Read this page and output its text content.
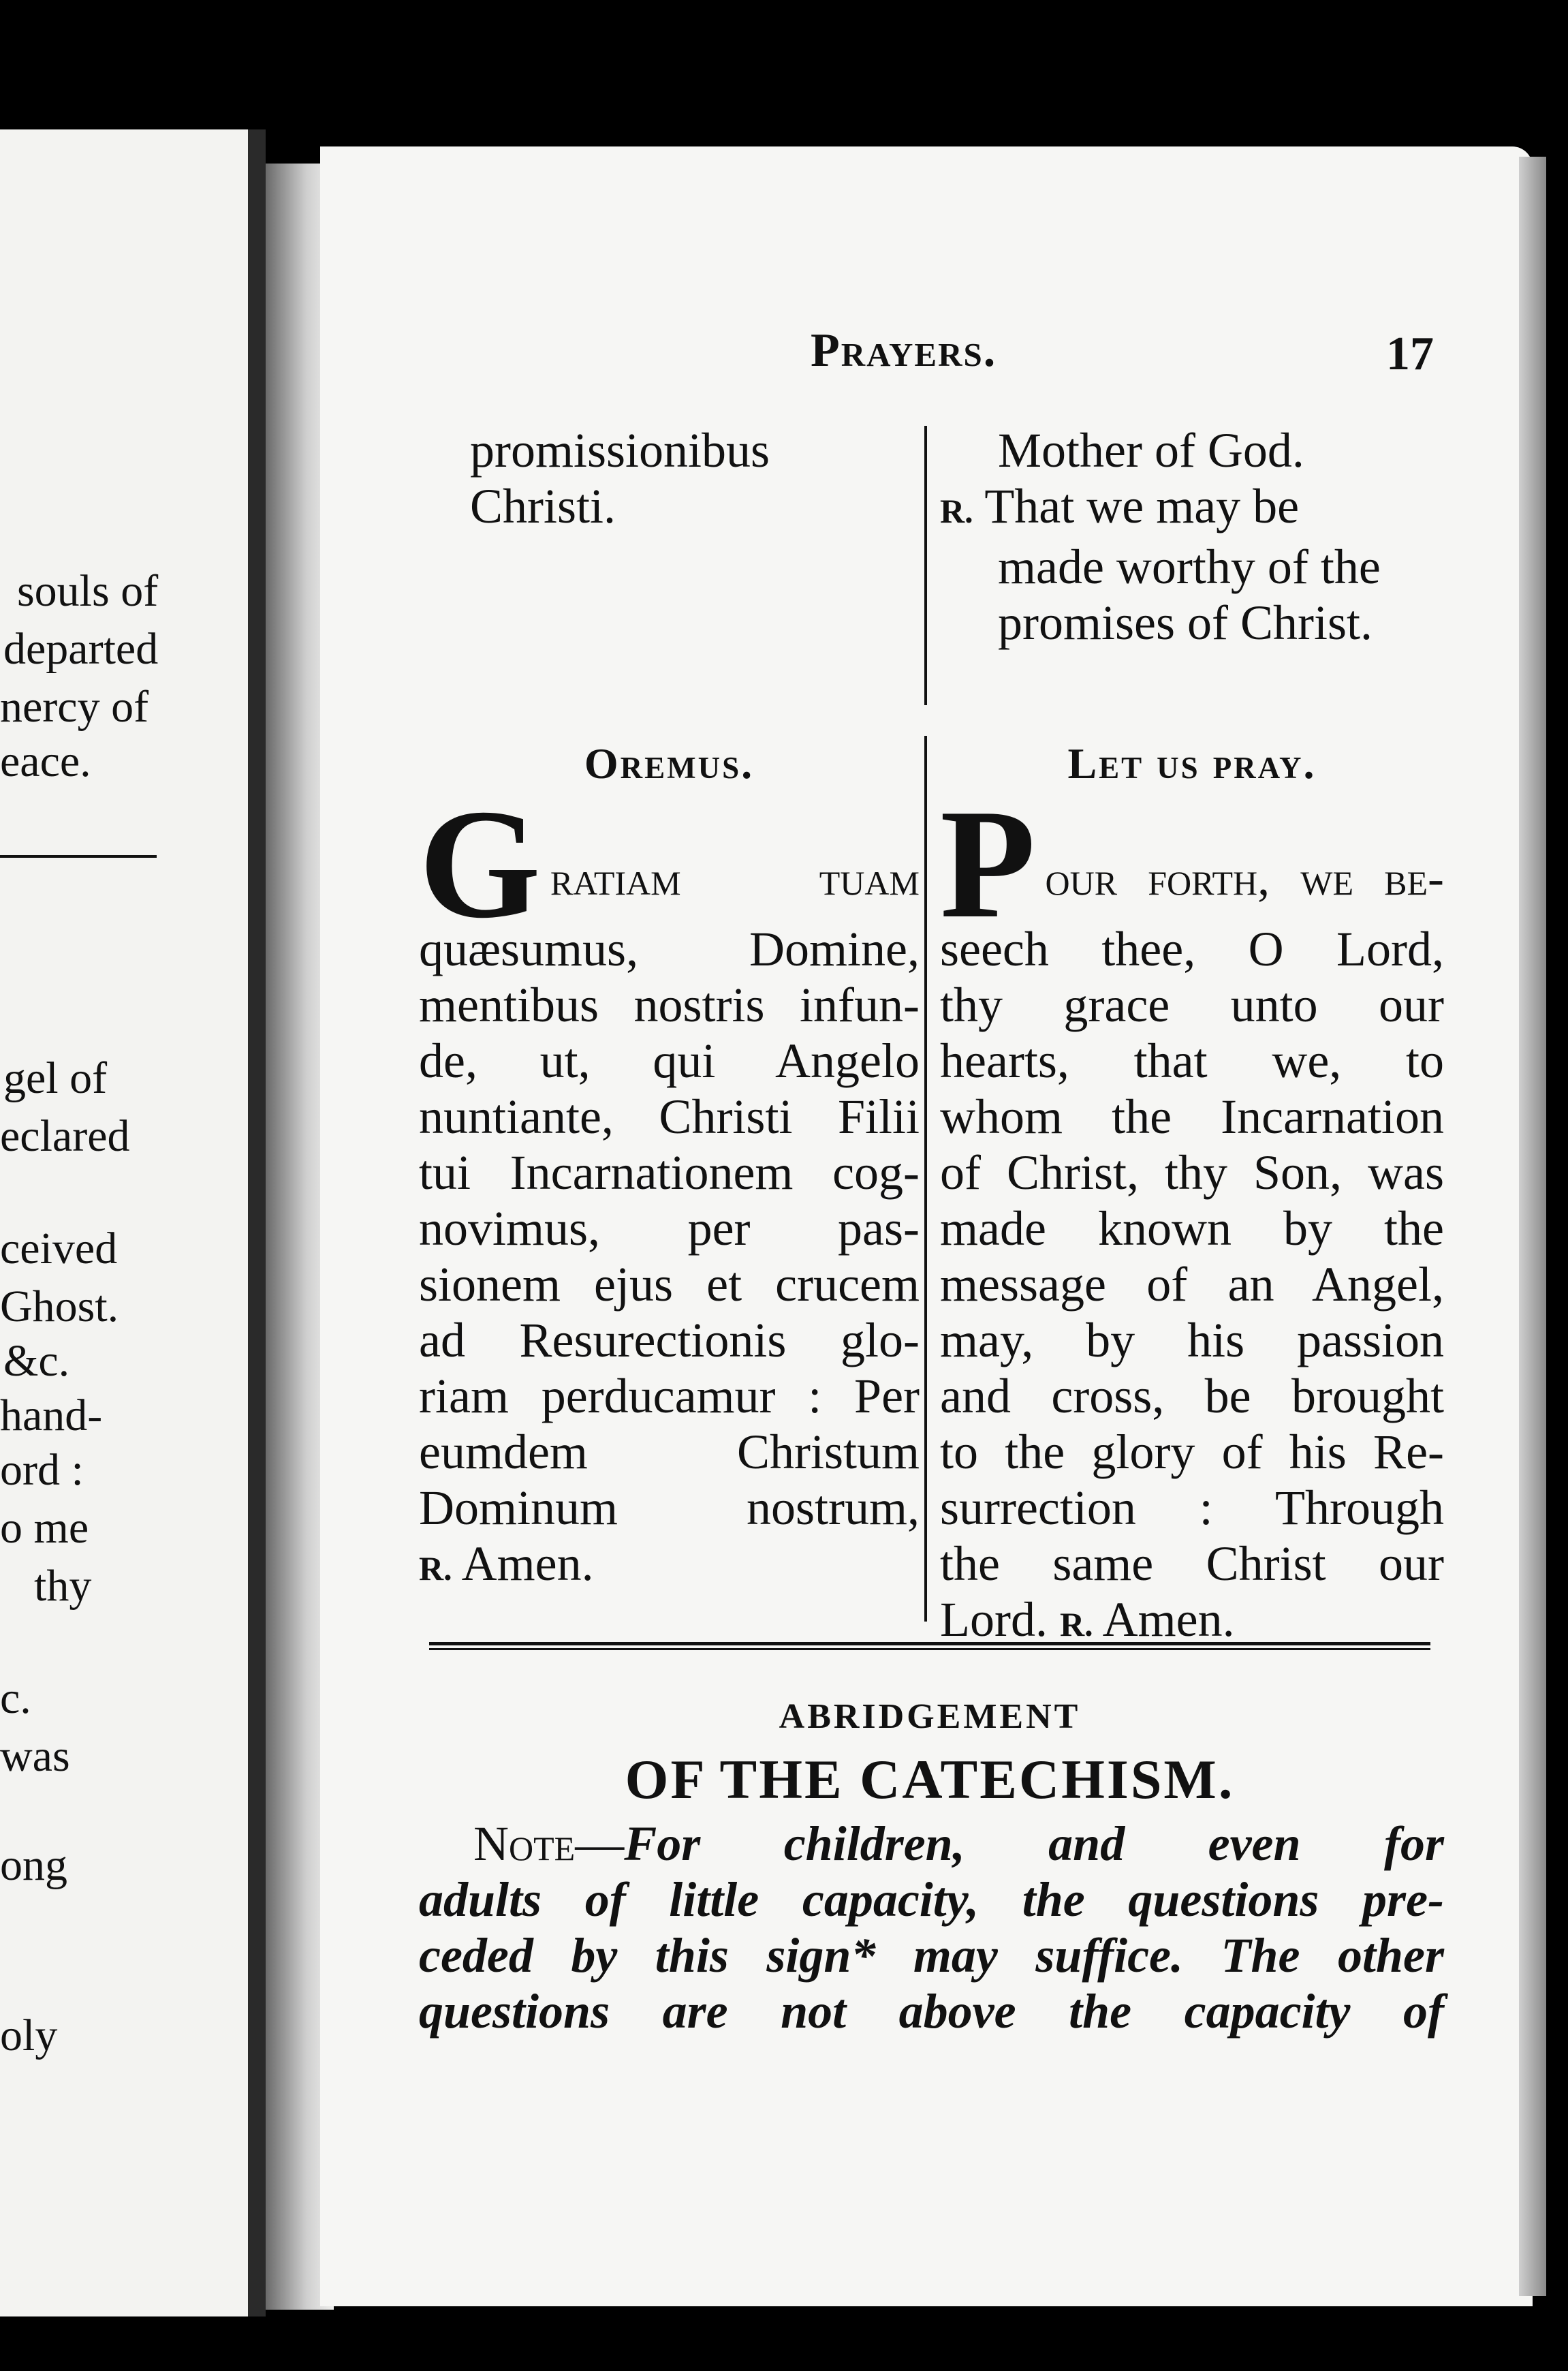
souls of
departed
nercy of
eace.
gel of
eclared
ceived
Ghost.
&c.
hand-
ord :
o me
thy
c.
was
ong
oly
Prayers.	17
promissionibus
Christi.
Mother of God.
R. That we may be
made worthy of the
promises of Christ.
Oremus.	Let us pray.
G ratiam tuam
quæsumus, Domine,
mentibus nostris infun-
de, ut, qui Angelo
nuntiante, Christi Filii
tui Incarnationem cog-
novimus, per pas-
sionem ejus et crucem
ad Resurectionis glo-
riam perducamur : Per
eumdem Christum
Dominum nostrum,
R. Amen.
P our forth, we be-
seech thee, O Lord,
thy grace unto our
hearts, that we, to
whom the Incarnation
of Christ, thy Son, was
made known by the
message of an Angel,
may, by his passion
and cross, be brought
to the glory of his Re-
surrection : Through
the same Christ our
Lord. R. Amen.
ABRIDGEMENT
OF THE CATECHISM.
Note—For children, and even for
adults of little capacity, the questions pre-
ceded by this sign* may suffice. The other
questions are not above the capacity of
